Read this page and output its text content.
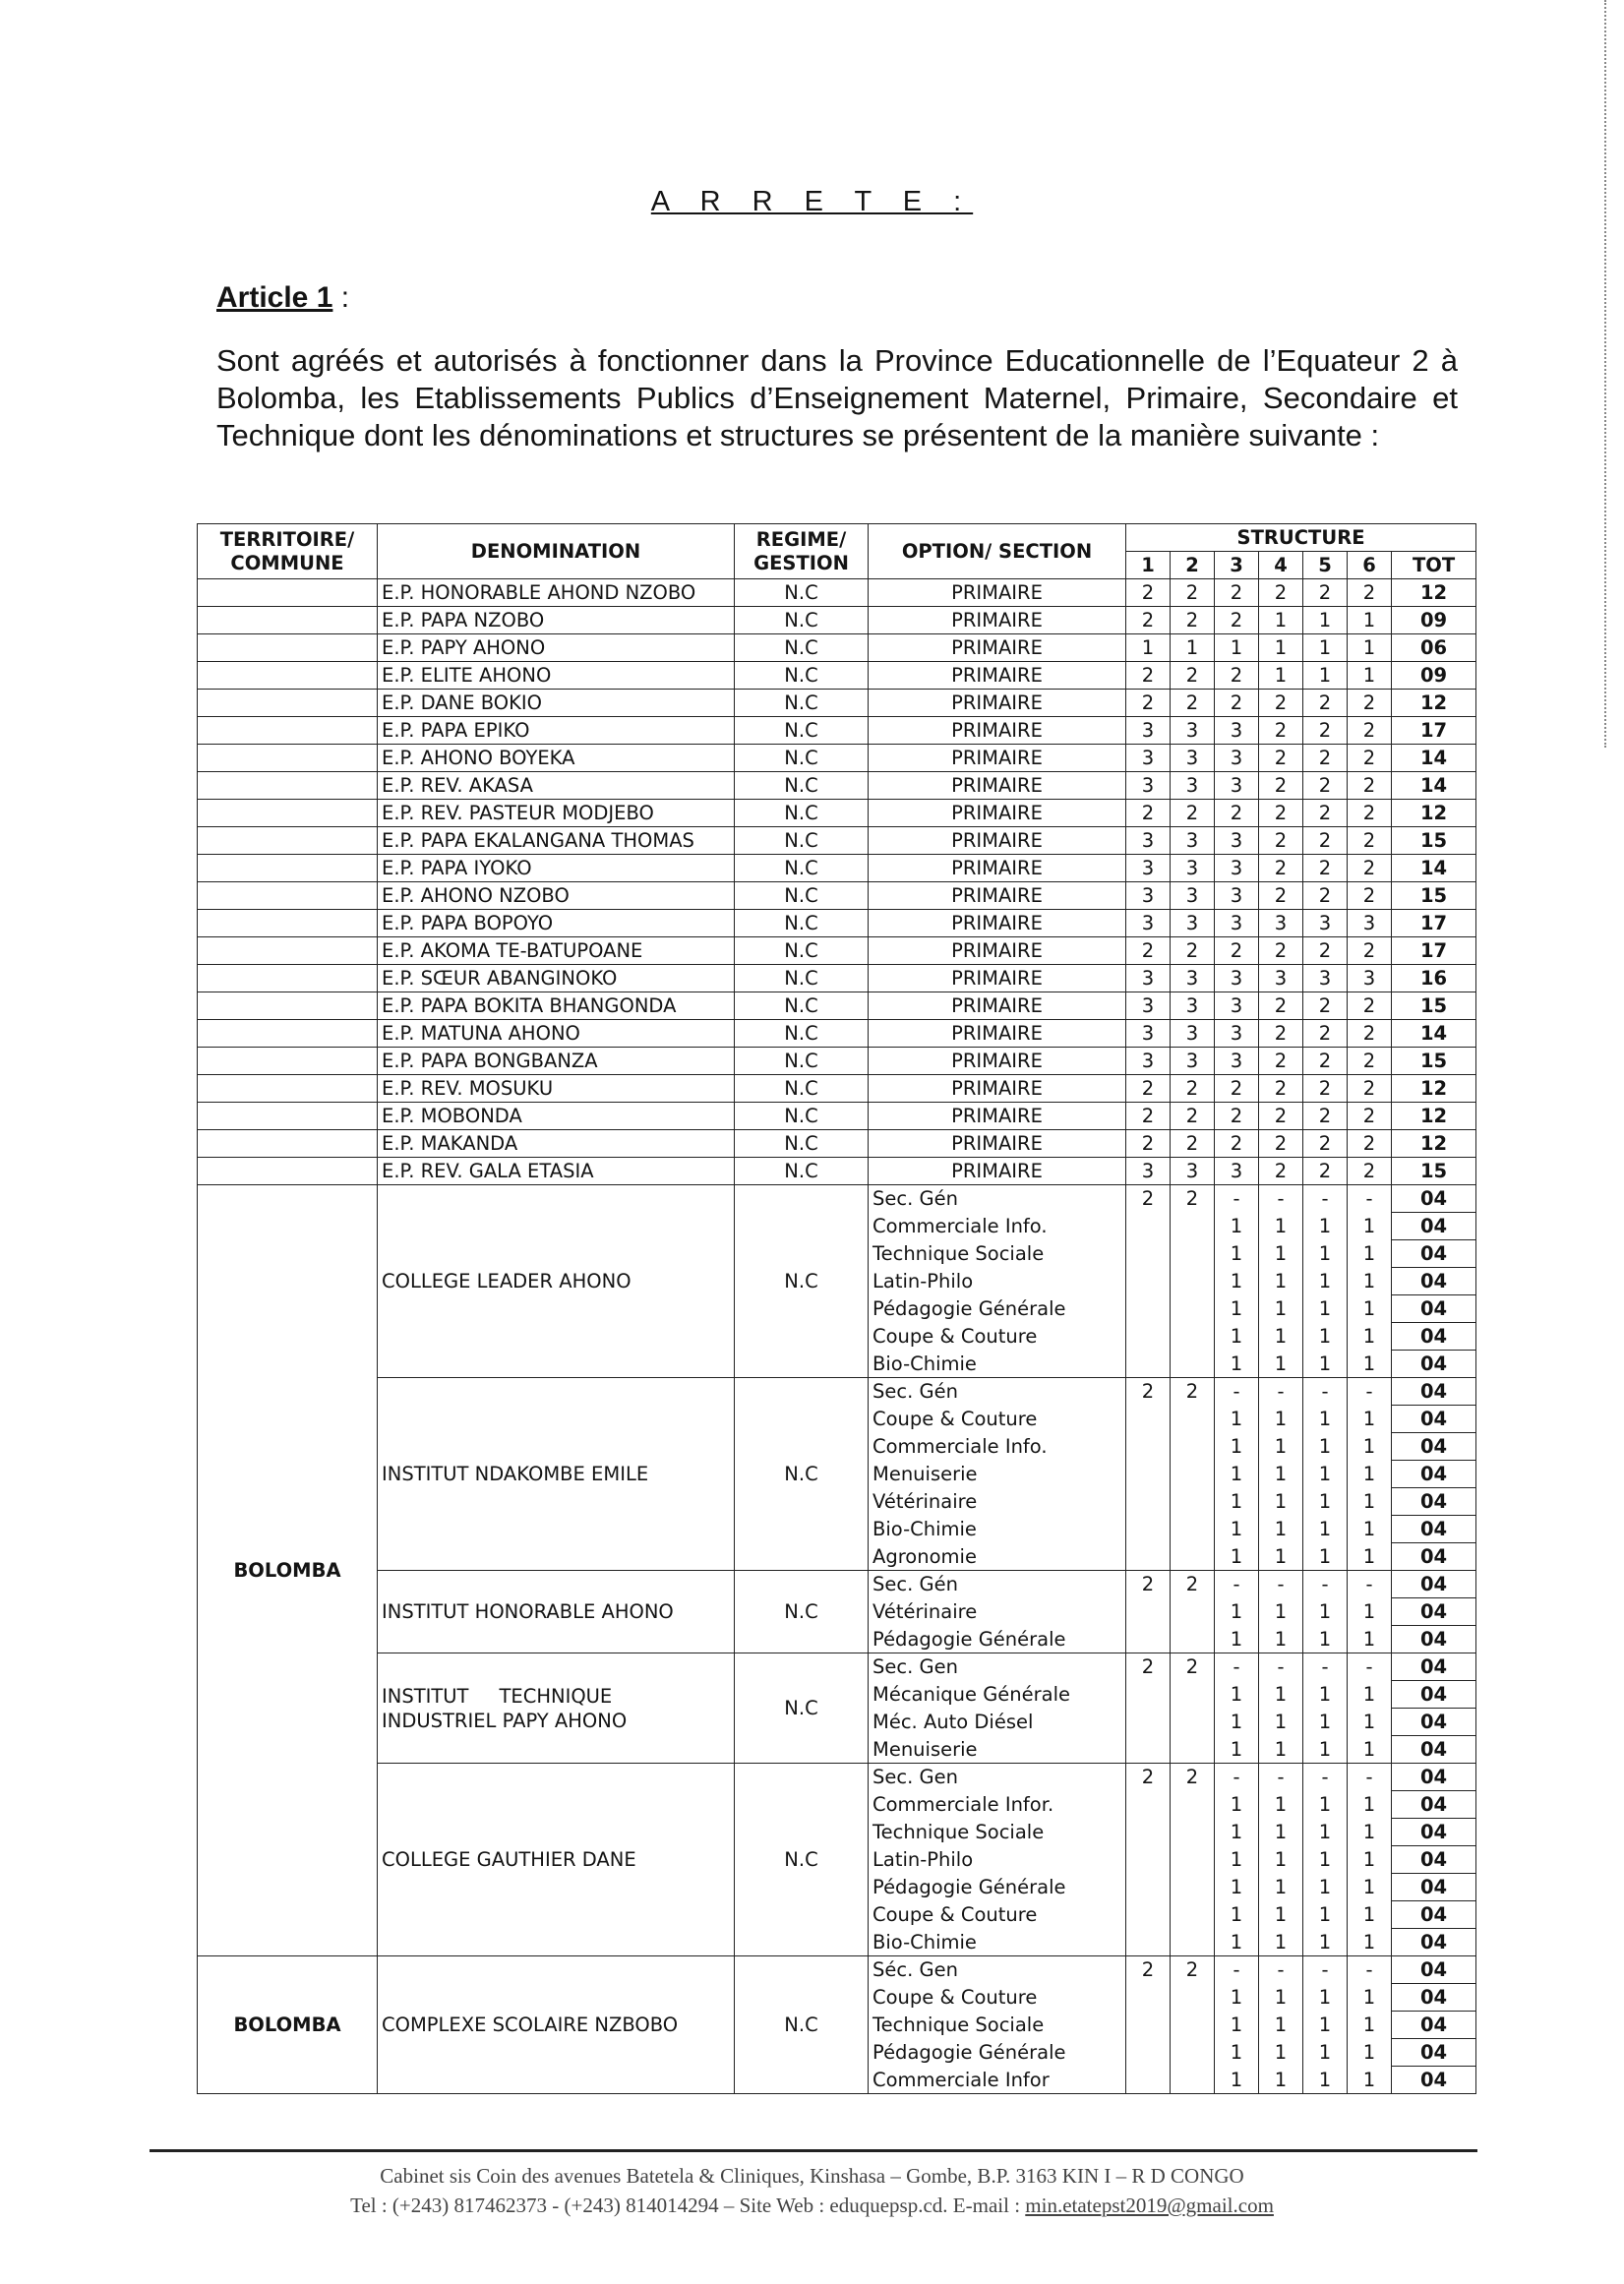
A R R E T E :
Article 1 :
Sont agréés et autorisés à fonctionner dans la Province Educationnelle de l’Equateur 2 à Bolomba, les Etablissements Publics d’Enseignement Maternel, Primaire, Secondaire et Technique dont les dénominations et structures se présentent de la manière suivante :
TERRITOIRE/ COMMUNE	DENOMINATION	REGIME/ GESTION	OPTION/ SECTION	STRUCTURE						
				1	2	3	4	5	6	TOT
	E.P. HONORABLE AHOND NZOBO	N.C	PRIMAIRE	2	2	2	2	2	2	12
	E.P. PAPA NZOBO	N.C	PRIMAIRE	2	2	2	1	1	1	09
	E.P. PAPY AHONO	N.C	PRIMAIRE	1	1	1	1	1	1	06
	E.P. ELITE AHONO	N.C	PRIMAIRE	2	2	2	1	1	1	09
	E.P. DANE BOKIO	N.C	PRIMAIRE	2	2	2	2	2	2	12
	E.P. PAPA EPIKO	N.C	PRIMAIRE	3	3	3	2	2	2	17
	E.P. AHONO BOYEKA	N.C	PRIMAIRE	3	3	3	2	2	2	14
	E.P. REV. AKASA	N.C	PRIMAIRE	3	3	3	2	2	2	14
	E.P. REV. PASTEUR MODJEBO	N.C	PRIMAIRE	2	2	2	2	2	2	12
	E.P. PAPA EKALANGANA THOMAS	N.C	PRIMAIRE	3	3	3	2	2	2	15
	E.P. PAPA IYOKO	N.C	PRIMAIRE	3	3	3	2	2	2	14
	E.P. AHONO NZOBO	N.C	PRIMAIRE	3	3	3	2	2	2	15
	E.P. PAPA BOPOYO	N.C	PRIMAIRE	3	3	3	3	3	3	17
	E.P. AKOMA TE-BATUPOANE	N.C	PRIMAIRE	2	2	2	2	2	2	17
	E.P. SŒUR ABANGINOKO	N.C	PRIMAIRE	3	3	3	3	3	3	16
	E.P. PAPA BOKITA BHANGONDA	N.C	PRIMAIRE	3	3	3	2	2	2	15
	E.P. MATUNA AHONO	N.C	PRIMAIRE	3	3	3	2	2	2	14
	E.P. PAPA BONGBANZA	N.C	PRIMAIRE	3	3	3	2	2	2	15
	E.P. REV. MOSUKU	N.C	PRIMAIRE	2	2	2	2	2	2	12
	E.P. MOBONDA	N.C	PRIMAIRE	2	2	2	2	2	2	12
	E.P. MAKANDA	N.C	PRIMAIRE	2	2	2	2	2	2	12
	E.P. REV. GALA ETASIA	N.C	PRIMAIRE	3	3	3	2	2	2	15
BOLOMBA	COLLEGE LEADER AHONO	N.C	Sec. Gén	2	2	-	-	-	-	04
			Commerciale Info.			1	1	1	1	04
			Technique Sociale			1	1	1	1	04
			Latin-Philo			1	1	1	1	04
			Pédagogie Générale			1	1	1	1	04
			Coupe & Couture			1	1	1	1	04
			Bio-Chimie			1	1	1	1	04
	INSTITUT NDAKOMBE EMILE	N.C	Sec. Gén	2	2	-	-	-	-	04
			Coupe & Couture			1	1	1	1	04
			Commerciale Info.			1	1	1	1	04
			Menuiserie			1	1	1	1	04
			Vétérinaire			1	1	1	1	04
			Bio-Chimie			1	1	1	1	04
			Agronomie			1	1	1	1	04
	INSTITUT HONORABLE AHONO	N.C	Sec. Gén	2	2	-	-	-	-	04
			Vétérinaire			1	1	1	1	04
			Pédagogie Générale			1	1	1	1	04

	INSTITUT     TECHNIQUE
INDUSTRIEL PAPY AHONO	N.C	Sec. Gen	2	2	-	-	-	-	04
			Mécanique Générale			1	1	1	1	04
			Méc. Auto Diésel			1	1	1	1	04
			Menuiserie			1	1	1	1	04
	COLLEGE GAUTHIER DANE	N.C	Sec. Gen	2	2	-	-	-	-	04
			Commerciale Infor.			1	1	1	1	04
			Technique Sociale			1	1	1	1	04
			Latin-Philo			1	1	1	1	04
			Pédagogie Générale			1	1	1	1	04
			Coupe & Couture			1	1	1	1	04
			Bio-Chimie			1	1	1	1	04
BOLOMBA	COMPLEXE SCOLAIRE NZBOBO	N.C	Séc. Gen	2	2	-	-	-	-	04
			Coupe & Couture			1	1	1	1	04
			Technique Sociale			1	1	1	1	04
			Pédagogie Générale			1	1	1	1	04
			Commerciale Infor			1	1	1	1	04
Cabinet sis Coin des avenues Batetela & Cliniques, Kinshasa – Gombe, B.P. 3163 KIN I – R D CONGO
Tel : (+243) 817462373 - (+243) 814014294 – Site Web : eduquepsp.cd. E-mail : min.etatepst2019@gmail.com
